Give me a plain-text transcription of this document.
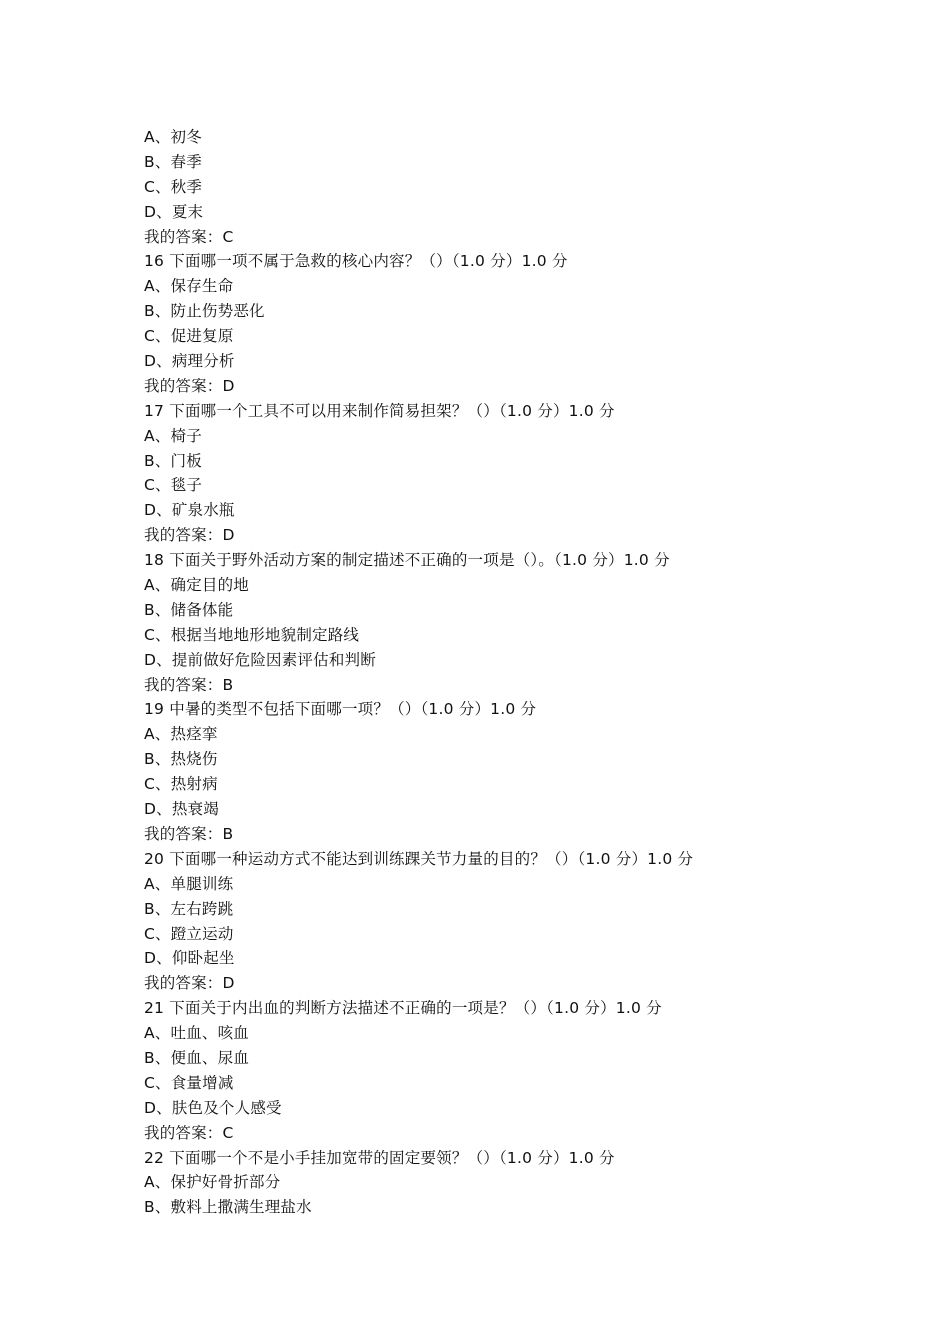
A、初冬
B、春季
C、秋季
D、夏末
我的答案：C
16 下面哪一项不属于急救的核心内容？（）（1.0 分）1.0 分
A、保存生命
B、防止伤势恶化
C、促进复原
D、病理分析
我的答案：D
17 下面哪一个工具不可以用来制作简易担架？（）（1.0 分）1.0 分
A、椅子
B、门板
C、毯子
D、矿泉水瓶
我的答案：D
18 下面关于野外活动方案的制定描述不正确的一项是（）。（1.0 分）1.0 分
A、确定目的地
B、储备体能
C、根据当地地形地貌制定路线
D、提前做好危险因素评估和判断
我的答案：B
19 中暑的类型不包括下面哪一项？（）（1.0 分）1.0 分
A、热痉挛
B、热烧伤
C、热射病
D、热衰竭
我的答案：B
20 下面哪一种运动方式不能达到训练踝关节力量的目的？（）（1.0 分）1.0 分
A、单腿训练
B、左右跨跳
C、蹬立运动
D、仰卧起坐
我的答案：D
21 下面关于内出血的判断方法描述不正确的一项是？（）（1.0 分）1.0 分
A、吐血、咳血
B、便血、尿血
C、食量增减
D、肤色及个人感受
我的答案：C
22 下面哪一个不是小手挂加宽带的固定要领？（）（1.0 分）1.0 分
A、保护好骨折部分
B、敷料上撒满生理盐水
